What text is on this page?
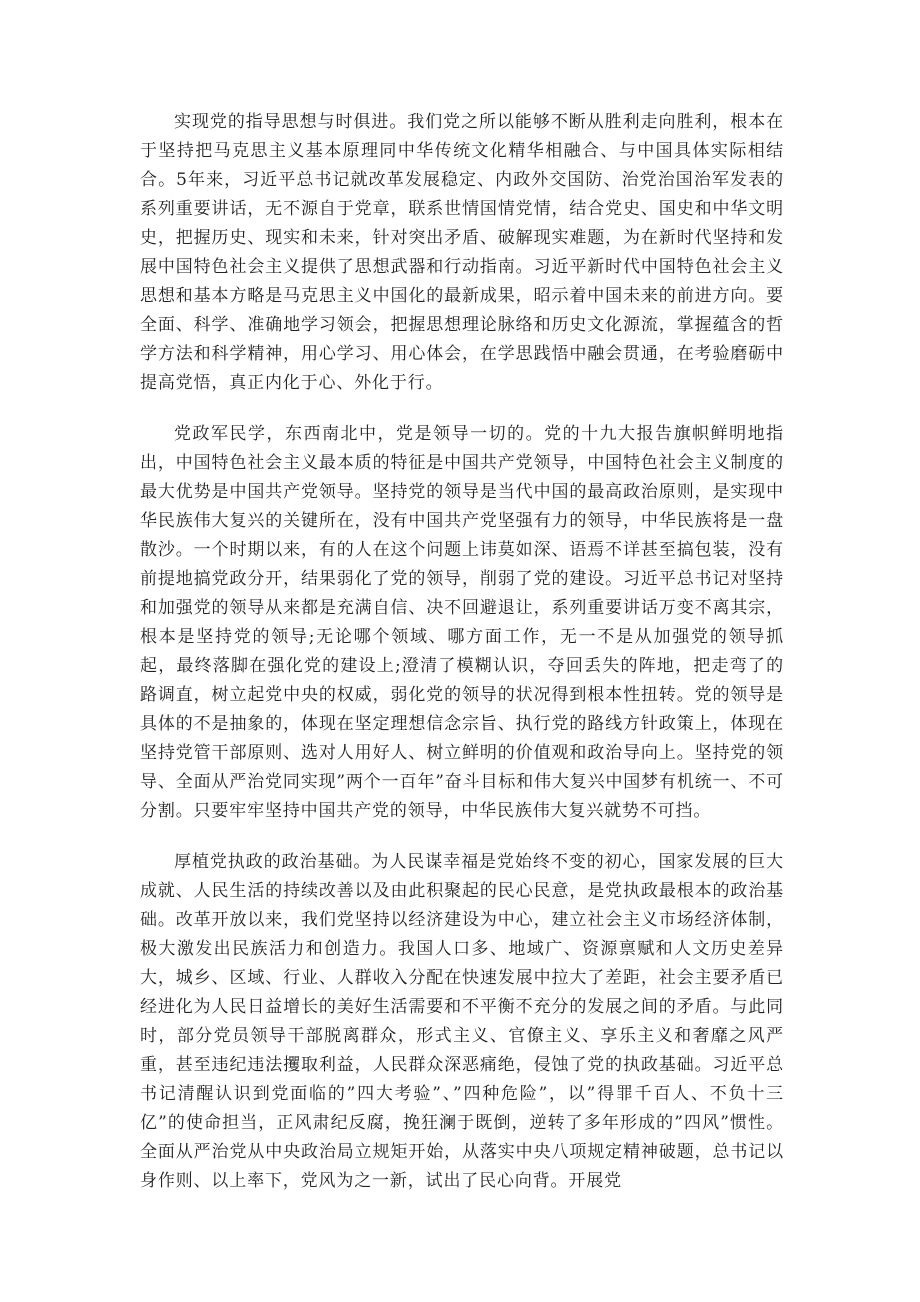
实现党的指导思想与时俱进。我们党之所以能够不断从胜利走向胜利，根本在于坚持把马克思主义基本原理同中华传统文化精华相融合、与中国具体实际相结合。5年来，习近平总书记就改革发展稳定、内政外交国防、治党治国治军发表的系列重要讲话，无不源自于党章，联系世情国情党情，结合党史、国史和中华文明史，把握历史、现实和未来，针对突出矛盾、破解现实难题，为在新时代坚持和发展中国特色社会主义提供了思想武器和行动指南。习近平新时代中国特色社会主义思想和基本方略是马克思主义中国化的最新成果，昭示着中国未来的前进方向。要全面、科学、准确地学习领会，把握思想理论脉络和历史文化源流，掌握蕴含的哲学方法和科学精神，用心学习、用心体会，在学思践悟中融会贯通，在考验磨砺中提高党悟，真正内化于心、外化于行。

党政军民学，东西南北中，党是领导一切的。党的十九大报告旗帜鲜明地指出，中国特色社会主义最本质的特征是中国共产党领导，中国特色社会主义制度的最大优势是中国共产党领导。坚持党的领导是当代中国的最高政治原则，是实现中华民族伟大复兴的关键所在，没有中国共产党坚强有力的领导，中华民族将是一盘散沙。一个时期以来，有的人在这个问题上讳莫如深、语焉不详甚至搞包装，没有前提地搞党政分开，结果弱化了党的领导，削弱了党的建设。习近平总书记对坚持和加强党的领导从来都是充满自信、决不回避退让，系列重要讲话万变不离其宗，根本是坚持党的领导;无论哪个领域、哪方面工作，无一不是从加强党的领导抓起，最终落脚在强化党的建设上;澄清了模糊认识，夺回丢失的阵地，把走弯了的路调直，树立起党中央的权威，弱化党的领导的状况得到根本性扭转。党的领导是具体的不是抽象的，体现在坚定理想信念宗旨、执行党的路线方针政策上，体现在坚持党管干部原则、选对人用好人、树立鲜明的价值观和政治导向上。坚持党的领导、全面从严治党同实现”两个一百年”奋斗目标和伟大复兴中国梦有机统一、不可分割。只要牢牢坚持中国共产党的领导，中华民族伟大复兴就势不可挡。

厚植党执政的政治基础。为人民谋幸福是党始终不变的初心，国家发展的巨大成就、人民生活的持续改善以及由此积聚起的民心民意，是党执政最根本的政治基础。改革开放以来，我们党坚持以经济建设为中心，建立社会主义市场经济体制，极大激发出民族活力和创造力。我国人口多、地域广、资源禀赋和人文历史差异大，城乡、区域、行业、人群收入分配在快速发展中拉大了差距，社会主要矛盾已经进化为人民日益增长的美好生活需要和不平衡不充分的发展之间的矛盾。与此同时，部分党员领导干部脱离群众，形式主义、官僚主义、享乐主义和奢靡之风严重，甚至违纪违法攫取利益，人民群众深恶痛绝，侵蚀了党的执政基础。习近平总书记清醒认识到党面临的”四大考验”、”四种危险”，以”得罪千百人、不负十三亿”的使命担当，正风肃纪反腐，挽狂澜于既倒，逆转了多年形成的”四风”惯性。全面从严治党从中央政治局立规矩开始，从落实中央八项规定精神破题，总书记以身作则、以上率下，党风为之一新，试出了民心向背。开展党
